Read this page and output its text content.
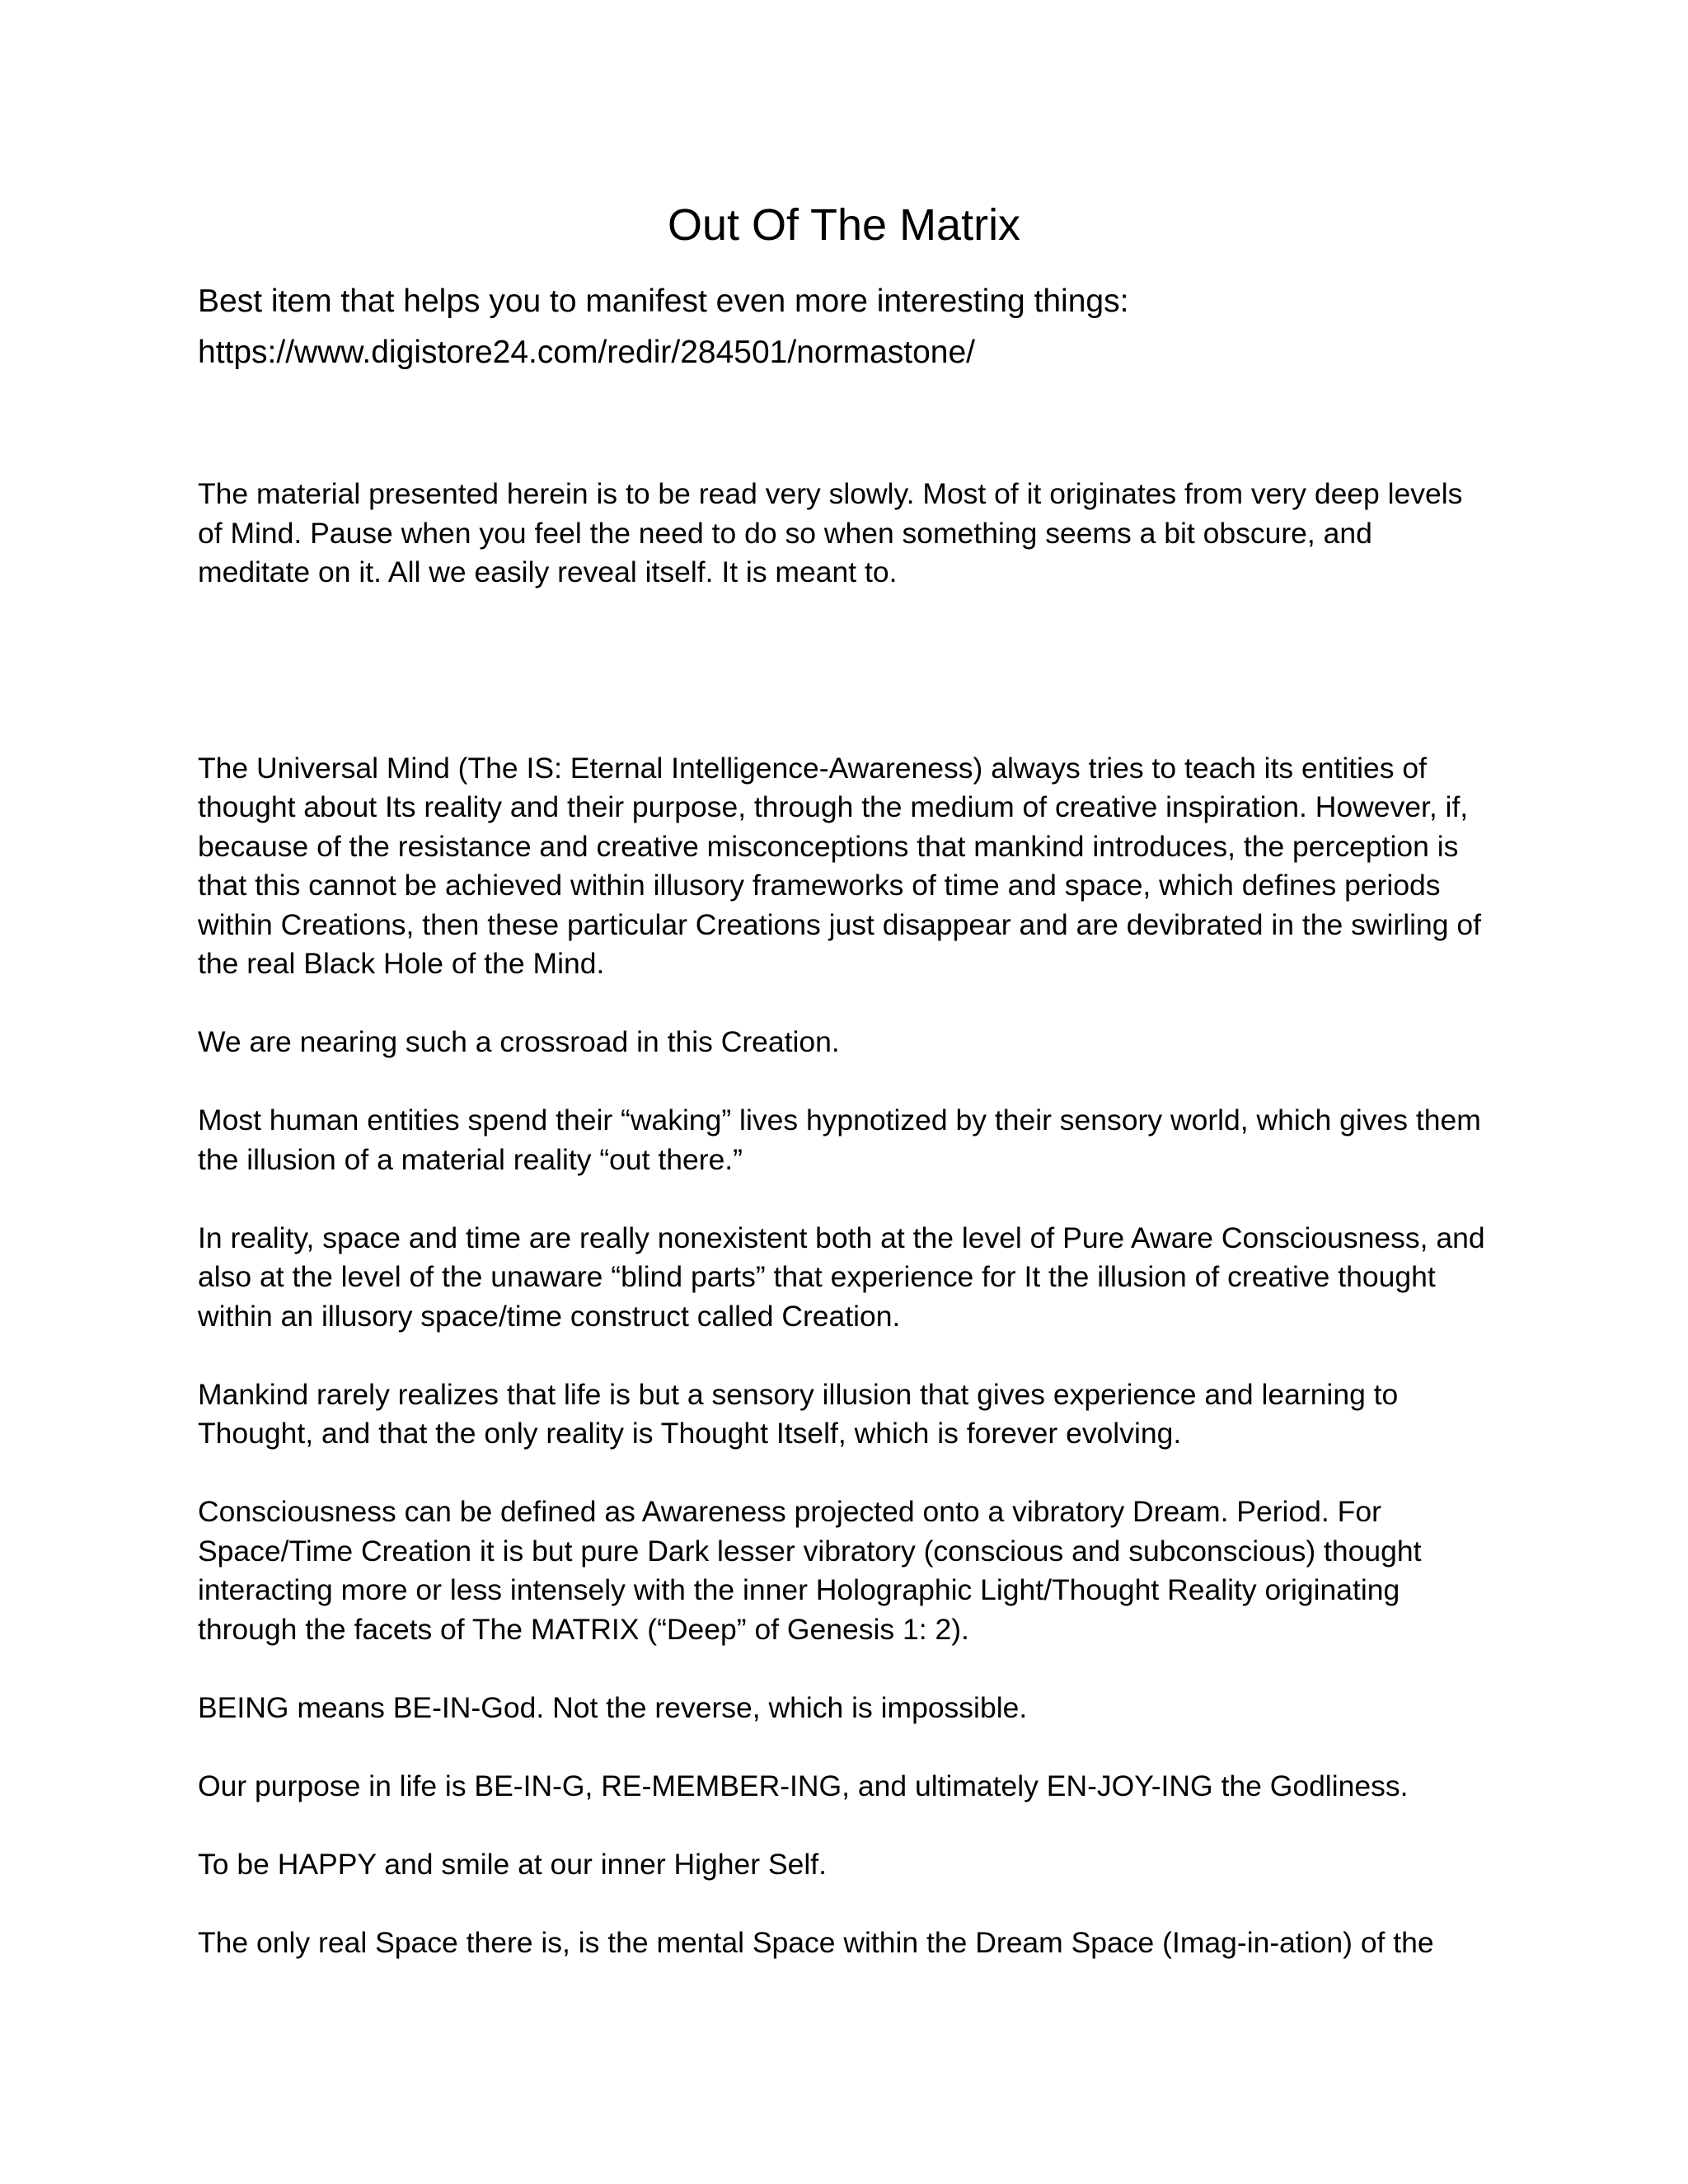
Out Of The Matrix

Best item that helps you to manifest even more interesting things:

https://www.digistore24.com/redir/284501/normastone/

The material presented herein is to be read very slowly. Most of it originates from very deep levels of Mind. Pause when you feel the need to do so when something seems a bit obscure, and meditate on it. All we easily reveal itself. It is meant to.

The Universal Mind (The IS: Eternal Intelligence-Awareness) always tries to teach its entities of thought about Its reality and their purpose, through the medium of creative inspiration. However, if, because of the resistance and creative misconceptions that mankind introduces, the perception is that this cannot be achieved within illusory frameworks of time and space, which defines periods within Creations, then these particular Creations just disappear and are devibrated in the swirling of the real Black Hole of the Mind.

We are nearing such a crossroad in this Creation.

Most human entities spend their “waking” lives hypnotized by their sensory world, which gives them the illusion of a material reality “out there.”

In reality, space and time are really nonexistent both at the level of Pure Aware Consciousness, and also at the level of the unaware “blind parts” that experience for It the illusion of creative thought within an illusory space/time construct called Creation.

Mankind rarely realizes that life is but a sensory illusion that gives experience and learning to Thought, and that the only reality is Thought Itself, which is forever evolving.

Consciousness can be defined as Awareness projected onto a vibratory Dream. Period. For Space/Time Creation it is but pure Dark lesser vibratory (conscious and subconscious) thought interacting more or less intensely with the inner Holographic Light/Thought Reality originating through the facets of The MATRIX (“Deep” of Genesis 1: 2).

BEING means BE-IN-God. Not the reverse, which is impossible.

Our purpose in life is BE-IN-G, RE-MEMBER-ING, and ultimately EN-JOY-ING the Godliness.

To be HAPPY and smile at our inner Higher Self.

The only real Space there is, is the mental Space within the Dream Space (Imag-in-ation) of the
